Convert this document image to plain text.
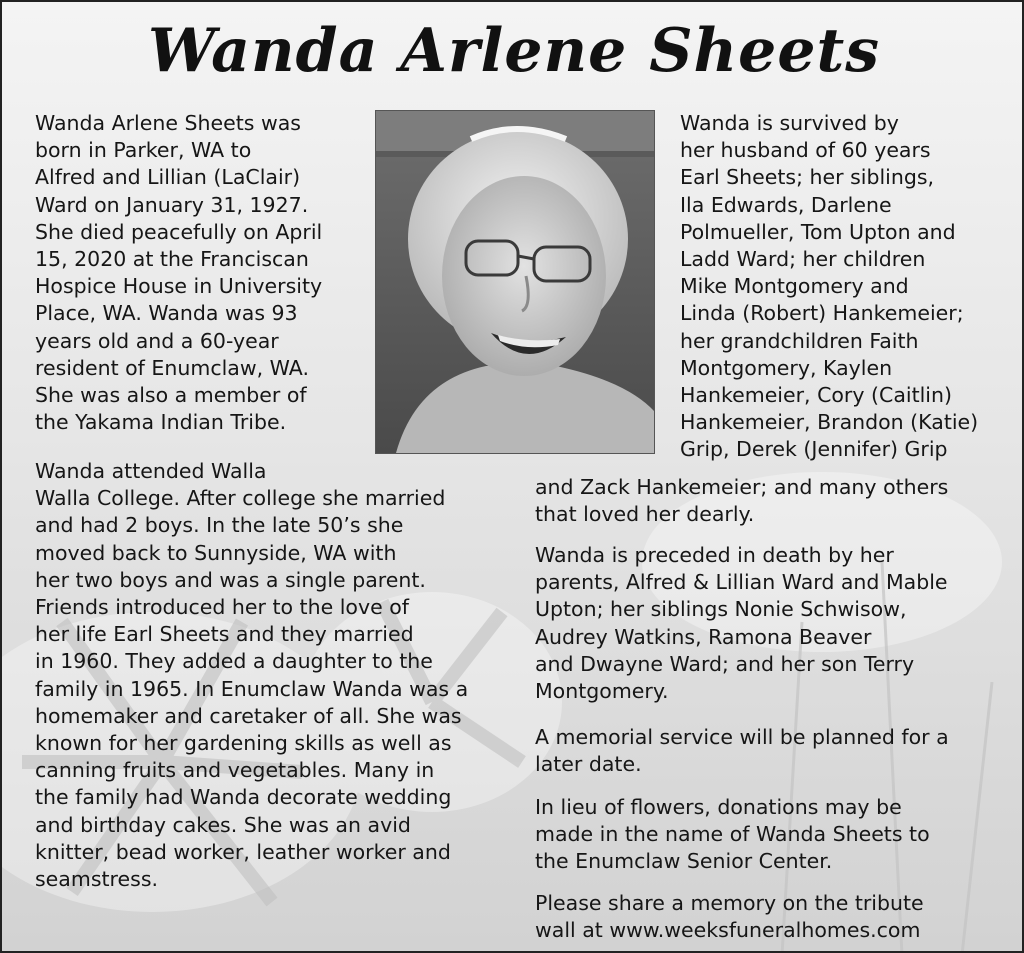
Wanda Arlene Sheets

Wanda Arlene Sheets was
born in Parker, WA to
Alfred and Lillian (LaClair)
Ward on January 31, 1927.
She died peacefully on April
15, 2020 at the Franciscan
Hospice House in University
Place, WA. Wanda was 93
years old and a 60-year
resident of Enumclaw, WA.
She was also a member of
the Yakama Indian Tribe.

Wanda attended Walla
Walla College. After college she married
and had 2 boys. In the late 50’s she
moved back to Sunnyside, WA with
her two boys and was a single parent.
Friends introduced her to the love of
her life Earl Sheets and they married
in 1960. They added a daughter to the
family in 1965. In Enumclaw Wanda was a
homemaker and caretaker of all. She was
known for her gardening skills as well as
canning fruits and vegetables. Many in
the family had Wanda decorate wedding
and birthday cakes. She was an avid
knitter, bead worker, leather worker and
seamstress.

Wanda is survived by
her husband of 60 years
Earl Sheets; her siblings,
Ila Edwards, Darlene
Polmueller, Tom Upton and
Ladd Ward; her children
Mike Montgomery and
Linda (Robert) Hankemeier;
her grandchildren Faith
Montgomery, Kaylen
Hankemeier, Cory (Caitlin)
Hankemeier, Brandon (Katie)
Grip, Derek (Jennifer) Grip

and Zack Hankemeier; and many others
that loved her dearly.

Wanda is preceded in death by her
parents, Alfred & Lillian Ward and Mable
Upton; her siblings Nonie Schwisow,
Audrey Watkins, Ramona Beaver
and Dwayne Ward; and her son Terry
Montgomery.

A memorial service will be planned for a
later date.

In lieu of flowers, donations may be
made in the name of Wanda Sheets to
the Enumclaw Senior Center.

Please share a memory on the tribute
wall at www.weeksfuneralhomes.com
